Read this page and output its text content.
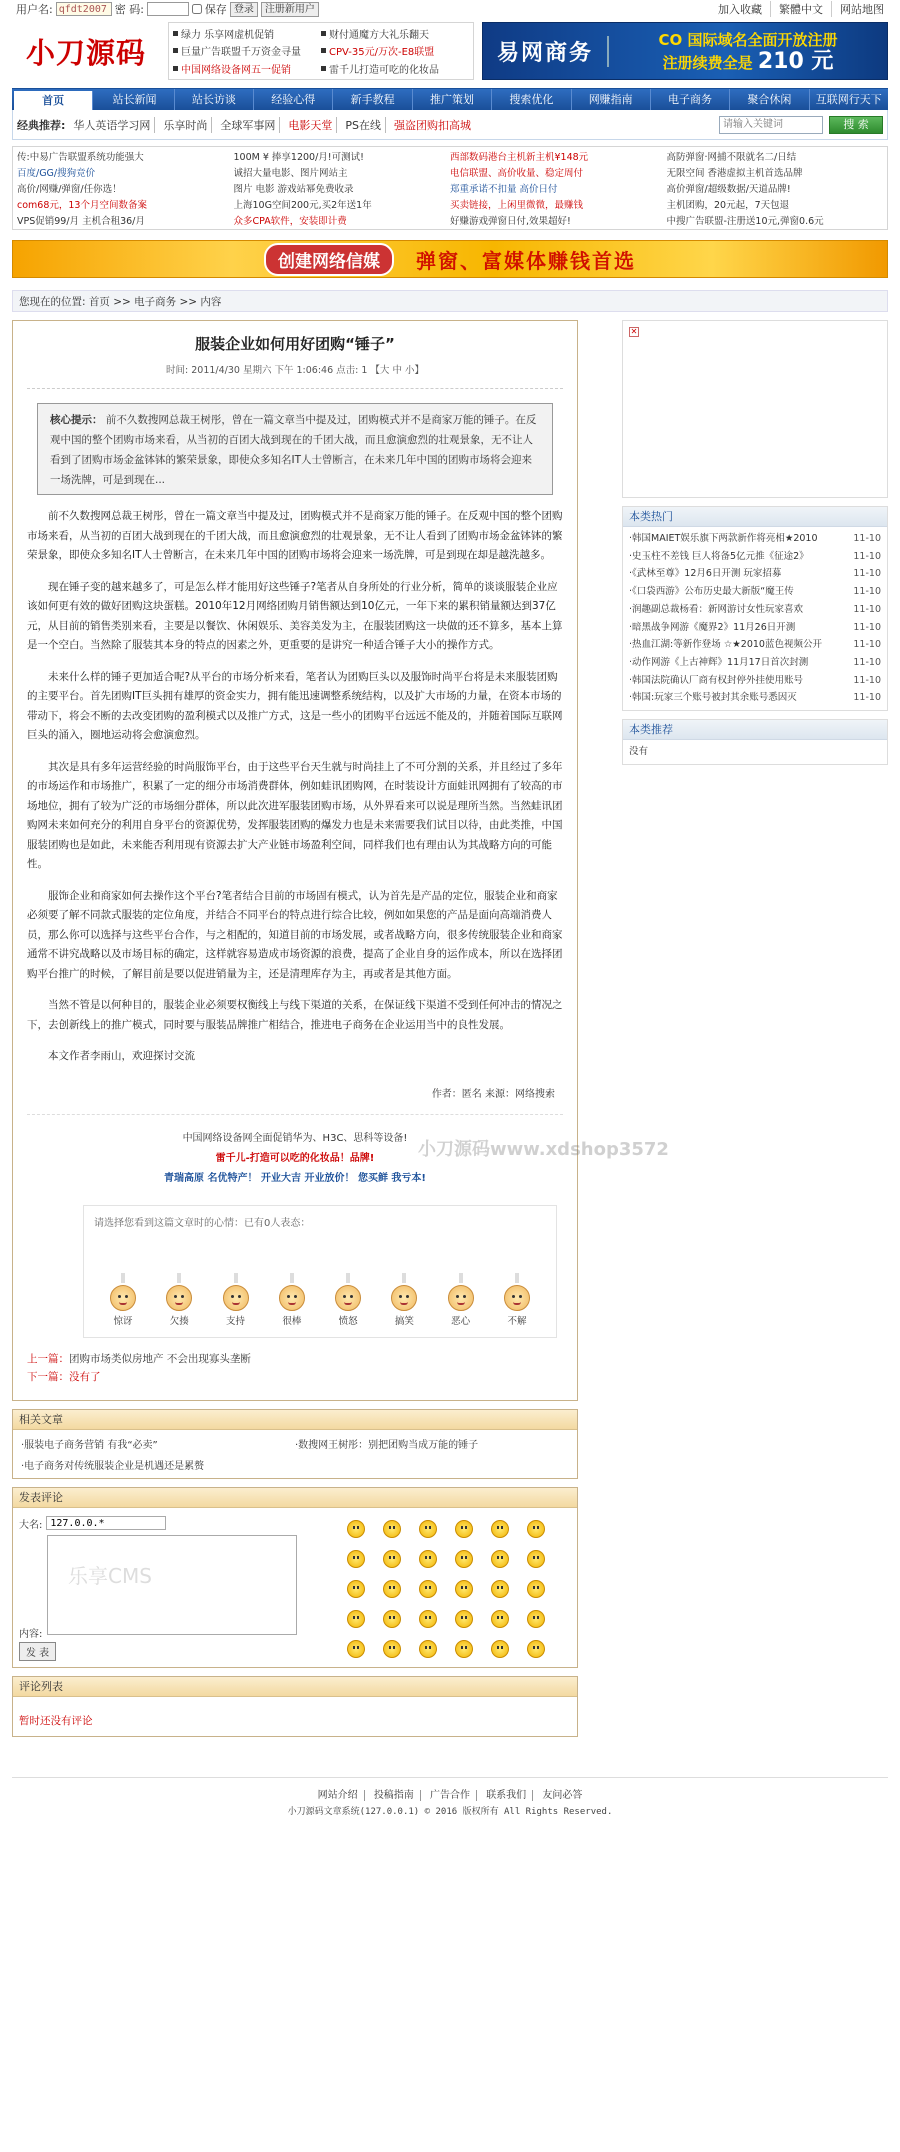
用户名:
qfdt2007	密 码:	保存 登录	注册新用户	加入收藏	繁體中文	网站地图
小刀源码
绿力 乐享网虚机促销	财付通魔方大礼乐翻天
巨量广告联盟千万资金寻量	CPV-35元/万次-E8联盟
中国网络设备网五一促销	雷千儿打造可吃的化妆品
易网商务
CO 国际域名全面开放注册
注册续费全是 210 元
首页	站长新闻	站长访谈	经验心得	新手教程	推广策划	搜索优化	网赚指南	电子商务	聚合休闲	互联网行天下
经典推荐: 华人英语学习网	乐享时尚	全球军事网	电影天堂	PS在线	强盗团购扣高城
请输入关键词	搜 索
传:中易广告联盟系统功能强大	100M ¥ 捧享1200/月!可测试!	西部数码港台主机新主机¥148元	高防弹窗·网捕不限就名二/日结
百度/GG/搜狗竞价	诚招大量电影、图片网站主	电信联盟、高价收量、稳定周付	无限空间 香港虚拟主机首选品牌
高价/网赚/弹窗/任你选！	图片 电影 游戏站幂免费收录	郑重承诺不扣量 高价日付	高价弹窗/超级数据/天道品牌!
com68元，13个月空间数备案	上海10G空间200元,买2年送1年	买卖链接，上闲里微微，最赚钱	主机团购，20元起，7天包退
VPS促销99/月 主机合租36/月	众多CPA软件，安装即计费	好赚游戏弹窗日付,效果超好!	中搜广告联盟-注册送10元,弹窗0.6元
创建网络信媒	弹窗、富媒体赚钱首选
您现在的位置: 首页 >> 电子商务 >> 内容
服装企业如何用好团购“锤子”
时间: 2011/4/30 星期六 下午 1:06:46 点击: 1 【大 中 小】
核心提示： 前不久数搜网总裁王树彤，曾在一篇文章当中提及过，团购模式并不是商家万能的锤子。在反观中国的整个团购市场来看，从当初的百团大战到现在的千团大战，而且愈演愈烈的壮观景象，无不让人看到了团购市场金盆钵钵的繁荣景象，即使众多知名IT人士曾断言，在未来几年中国的团购市场将会迎来一场洗牌，可是到现在...

前不久数搜网总裁王树彤，曾在一篇文章当中提及过，团购模式并不是商家万能的锤子。在反观中国的整个团购市场来看，从当初的百团大战到现在的千团大战，而且愈演愈烈的壮观景象，无不让人看到了团购市场金盆钵钵的繁荣景象，即使众多知名IT人士曾断言，在未来几年中国的团购市场将会迎来一场洗牌，可是到现在却是越洗越多。

现在锤子变的越来越多了，可是怎么样才能用好这些锤子?笔者从自身所处的行业分析，简单的谈谈服装企业应该如何更有效的做好团购这块蛋糕。2010年12月网络团购月销售额达到10亿元，一年下来的累积销量额达到37亿元，从目前的销售类别来看，主要是以餐饮、休闲娱乐、美容美发为主，在服装团购这一块做的还不算多，基本上算是一个空白。当然除了服装其本身的特点的因素之外，更重要的是讲究一种适合锤子大小的操作方式。

未来什么样的锤子更加适合呢?从平台的市场分析来看，笔者认为团购巨头以及服饰时尚平台将是未来服装团购的主要平台。首先团购IT巨头拥有雄厚的资金实力，拥有能迅速调整系统结构，以及扩大市场的力量，在资本市场的带动下，将会不断的去改变团购的盈利模式以及推广方式，这是一些小的团购平台远远不能及的，并随着国际互联网巨头的涌入，圈地运动将会愈演愈烈。

其次是具有多年运营经验的时尚服饰平台，由于这些平台天生就与时尚挂上了不可分割的关系，并且经过了多年的市场运作和市场推广，积累了一定的细分市场消费群体，例如蛙讯团购网，在时装设计方面蛙讯网拥有了较高的市场地位，拥有了较为广泛的市场细分群体，所以此次进军服装团购市场，从外界看来可以说是理所当然。当然蛙讯团购网未来如何充分的利用自身平台的资源优势，发挥服装团购的爆发力也是未来需要我们试目以待，由此类推，中国服装团购也是如此，未来能否利用现有资源去扩大产业链市场盈利空间，同样我们也有理由认为其战略方向的可能性。

服饰企业和商家如何去操作这个平台?笔者结合目前的市场固有模式，认为首先是产品的定位，服装企业和商家必须要了解不同款式服装的定位角度，并结合不同平台的特点进行综合比较，例如如果您的产品是面向高端消费人员，那么你可以选择与这些平台合作，与之相配的，知道目前的市场发展，或者战略方向，很多传统服装企业和商家通常不讲究战略以及市场目标的确定，这样就容易造成市场资源的浪费，提高了企业自身的运作成本，所以在选择团购平台推广的时候，了解目前是要以促进销量为主，还是清理库存为主，再或者是其他方面。

当然不管是以何种目的，服装企业必须要权衡线上与线下渠道的关系，在保证线下渠道不受到任何冲击的情况之下，去创新线上的推广模式，同时要与服装品牌推广相结合，推进电子商务在企业运用当中的良性发展。

本文作者李雨山，欢迎探讨交流

作者：匿名 来源：网络搜索
中国网络设备网全面促销华为、H3C、思科等设备!
雷千儿-打造可以吃的化妆品！品牌!
青瑞高原 名优特产！ 开业大吉 开业放价！ 您买鲜 我亏本!
请选择您看到这篇文章时的心情：已有0人表态：
惊讶	欠揍	支持	很棒	愤怒	搞笑	恶心	不解
上一篇：团购市场类似房地产 不会出现寡头垄断
下一篇：没有了
相关文章
·服装电子商务营销 有我“必卖”	·数搜网王树彤：别把团购当成万能的锤子
·电子商务对传统服装企业是机遇还是累赘
发表评论
大名:
127.0.0.*
乐享CMS
内容:
发 表
评论列表
暂时还没有评论
✕
本类热门
·韩国MAIET娱乐旗下两款新作将亮相★2010	11-10
·史玉柱不差钱 巨人将备5亿元推《征途2》	11-10
·《武林至尊》12月6日开测 玩家招募	11-10
·《口袋西游》公布历史最大新版“魔王传	11-10
·润趣副总裁杨看：新网游讨女性玩家喜欢	11-10
·暗黑战争网游《魔界2》11月26日开测	11-10
·热血江湖:等新作登场 ☆★2010蓝色视频公开	11-10
·动作网游《上古神辉》11月17日首次封测	11-10
·韩国法院确认厂商有权封停外挂使用账号	11-10
·韩国:玩家三个账号被封其余账号悉因灭	11-10
本类推荐
没有
网站介绍 投稿指南 广告合作 联系我们 友问必答
小刀源码文章系统(127.0.0.1) © 2016 版权所有 All Rights Reserved.
小刀源码www.xdshop3572
